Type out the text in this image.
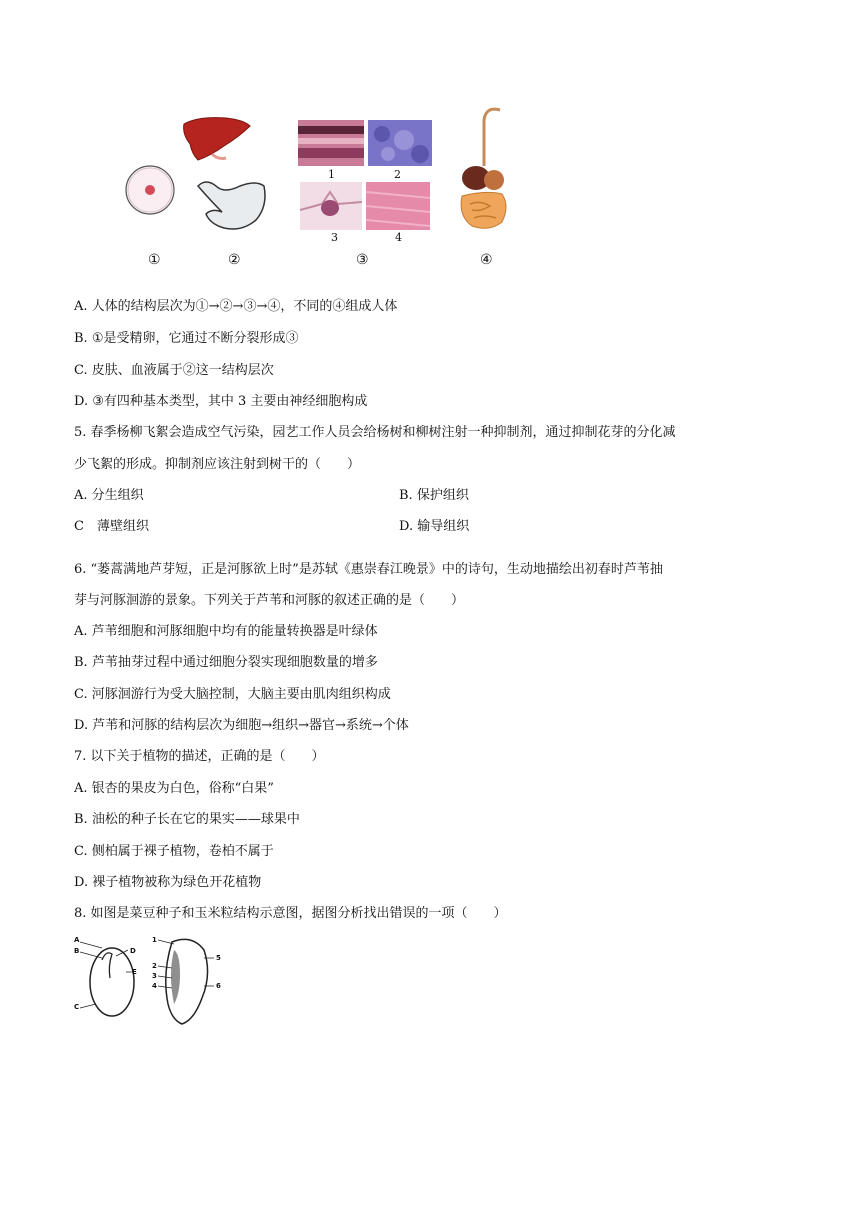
1	2
3	4
①	②	③	④
A. 人体的结构层次为①→②→③→④，不同的④组成人体
B. ①是受精卵，它通过不断分裂形成③
C. 皮肤、血液属于②这一结构层次
D. ③有四种基本类型，其中 3 主要由神经细胞构成
5. 春季杨柳飞絮会造成空气污染，园艺工作人员会给杨树和柳树注射一种抑制剂，通过抑制花芽的分化减
少飞絮的形成。抑制剂应该注射到树干的（　　）
A. 分生组织	B. 保护组织
C　薄壁组织	D. 输导组织
6. “蒌蒿满地芦芽短，正是河豚欲上时”是苏轼《惠崇春江晚景》中的诗句，生动地描绘出初春时芦苇抽
芽与河豚洄游的景象。下列关于芦苇和河豚的叙述正确的是（　　）
A. 芦苇细胞和河豚细胞中均有的能量转换器是叶绿体
B. 芦苇抽芽过程中通过细胞分裂实现细胞数量的增多
C. 河豚洄游行为受大脑控制，大脑主要由肌肉组织构成
D. 芦苇和河豚的结构层次为细胞→组织→器官→系统→个体
7. 以下关于植物的描述，正确的是（　　）
A. 银杏的果皮为白色，俗称“白果”
B. 油松的种子长在它的果实——球果中
C. 侧柏属于裸子植物，卷柏不属于
D. 裸子植物被称为绿色开花植物
8. 如图是菜豆种子和玉米粒结构示意图，据图分析找出错误的一项（　　）
A
B	D
E
C
1
2
3
4
5
6
